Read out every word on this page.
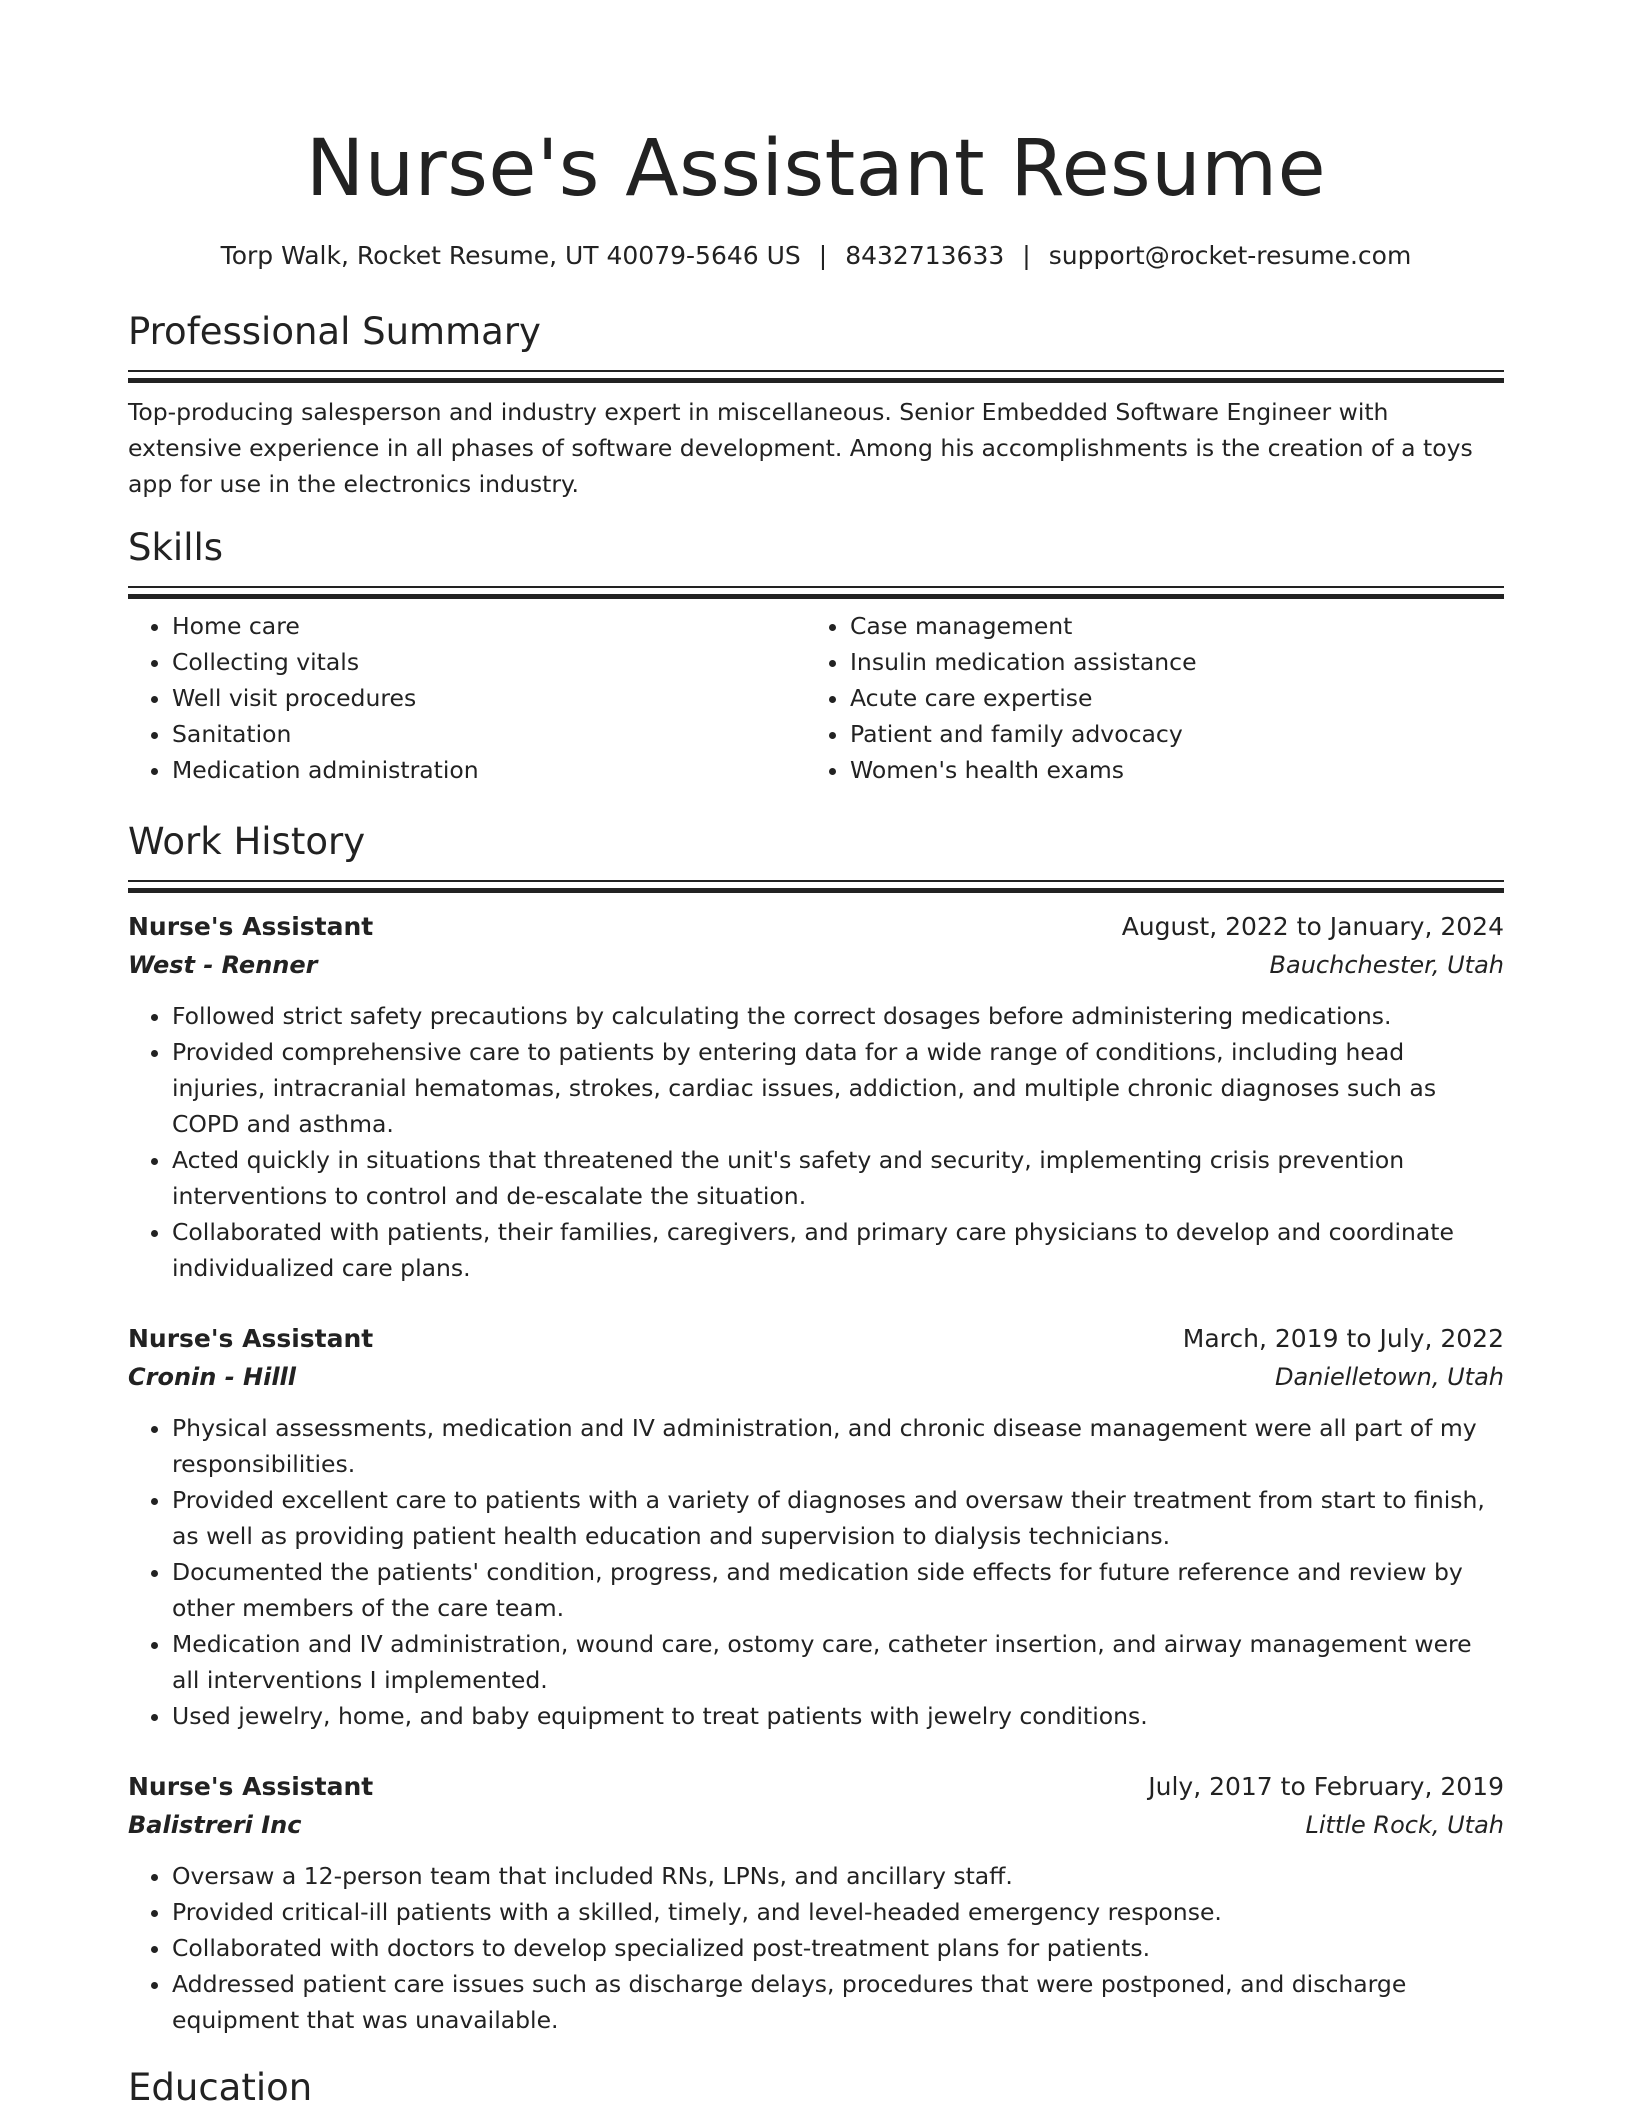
Nurse's Assistant Resume
Torp Walk, Rocket Resume, UT 40079-5646 US | 8432713633 | support@rocket-resume.com
Professional Summary

Top-producing salesperson and industry expert in miscellaneous. Senior Embedded Software Engineer with extensive experience in all phases of software development. Among his accomplishments is the creation of a toys app for use in the electronics industry.

Skills
• Home care
• Collecting vitals
• Well visit procedures
• Sanitation
• Medication administration
• Case management
• Insulin medication assistance
• Acute care expertise
• Patient and family advocacy
• Women's health exams
Work History
Nurse's Assistant	August, 2022 to January, 2024
West - Renner	Bauchchester, Utah
• Followed strict safety precautions by calculating the correct dosages before administering medications.
• Provided comprehensive care to patients by entering data for a wide range of conditions, including head injuries, intracranial hematomas, strokes, cardiac issues, addiction, and multiple chronic diagnoses such as COPD and asthma.
• Acted quickly in situations that threatened the unit's safety and security, implementing crisis prevention interventions to control and de-escalate the situation.
• Collaborated with patients, their families, caregivers, and primary care physicians to develop and coordinate individualized care plans.
Nurse's Assistant	March, 2019 to July, 2022
Cronin - Hilll	Danielletown, Utah
• Physical assessments, medication and IV administration, and chronic disease management were all part of my responsibilities.
• Provided excellent care to patients with a variety of diagnoses and oversaw their treatment from start to finish, as well as providing patient health education and supervision to dialysis technicians.
• Documented the patients' condition, progress, and medication side effects for future reference and review by other members of the care team.
• Medication and IV administration, wound care, ostomy care, catheter insertion, and airway management were all interventions I implemented.
• Used jewelry, home, and baby equipment to treat patients with jewelry conditions.
Nurse's Assistant	July, 2017 to February, 2019
Balistreri Inc	Little Rock, Utah
• Oversaw a 12-person team that included RNs, LPNs, and ancillary staff.
• Provided critical-ill patients with a skilled, timely, and level-headed emergency response.
• Collaborated with doctors to develop specialized post-treatment plans for patients.
• Addressed patient care issues such as discharge delays, procedures that were postponed, and discharge equipment that was unavailable.
Education
